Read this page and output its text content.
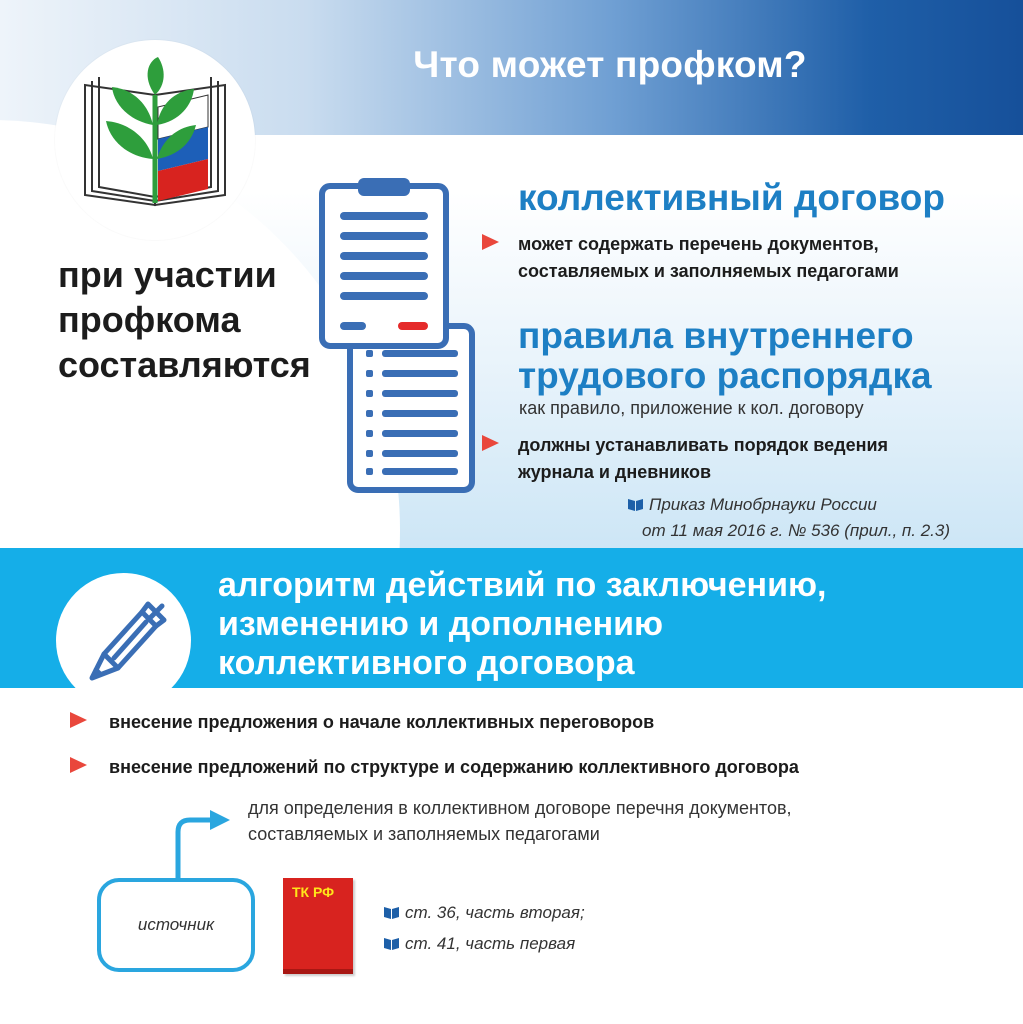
Что может профком?
при участии
профкома
составляются
коллективный договор
может содержать перечень документов,
составляемых и заполняемых педагогами
правила внутреннего
трудового распорядка
как правило, приложение к кол. договору
должны устанавливать порядок ведения
журнала и дневников
Приказ Минобрнауки России
от 11 мая 2016 г. № 536 (прил., п. 2.3)
алгоритм действий по заключению,
изменению и дополнению
коллективного договора
внесение предложения о начале коллективных переговоров
внесение предложений по структуре и содержанию коллективного договора
для определения в коллективном договоре перечня документов,
составляемых и заполняемых педагогами
источник
ТК РФ
ст. 36, часть вторая;
ст. 41, часть первая
